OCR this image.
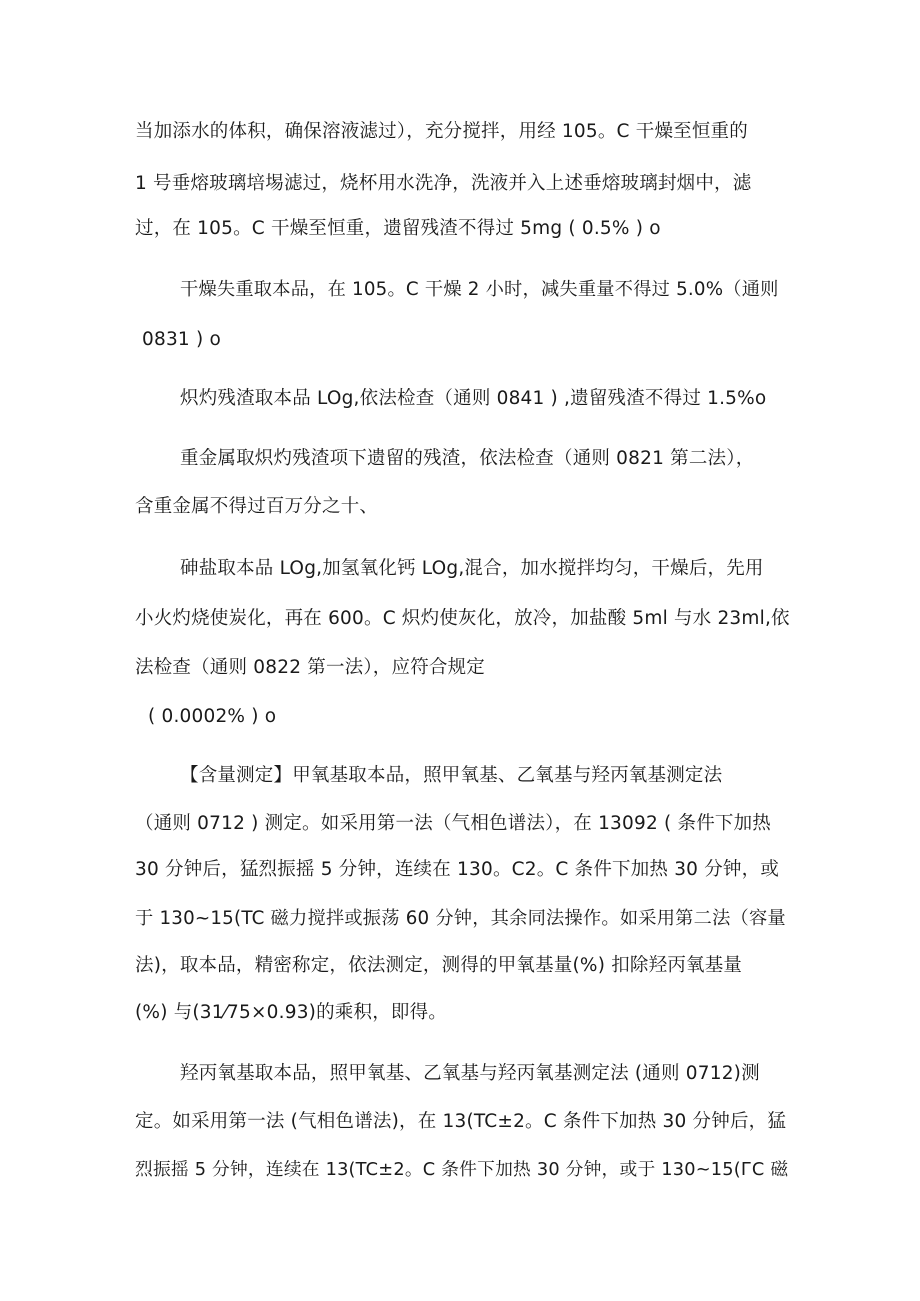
当加添水的体积，确保溶液滤过），充分搅拌，用经 105。C 干燥至恒重的
1 号垂熔玻璃培埸滤过，烧杯用水洗净，洗液并入上述垂熔玻璃封烟中，滤
过，在 105。C 干燥至恒重，遗留残渣不得过 5mg ( 0.5% ) o
干燥失重取本品，在 105。C 干燥 2 小时，减失重量不得过 5.0%（通则
0831 ) o
炽灼残渣取本品 LOg,依法检查（通则 0841 ) ,遗留残渣不得过 1.5%o
重金属取炽灼残渣项下遗留的残渣，依法检查（通则 0821 第二法），
含重金属不得过百万分之十、
砷盐取本品 LOg,加氢氧化钙 LOg,混合，加水搅拌均匀，干燥后，先用
小火灼烧使炭化，再在 600。C 炽灼使灰化，放冷，加盐酸 5ml 与水 23ml,依
法检查（通则 0822 第一法），应符合规定
( 0.0002% ) o
【含量测定】甲氧基取本品，照甲氧基、乙氧基与羟丙氧基测定法
（通则 0712 ) 测定。如采用第一法（气相色谱法），在 13092 ( 条件下加热
30 分钟后，猛烈振摇 5 分钟，连续在 130。C2。C 条件下加热 30 分钟，或
于 130~15(TC 磁力搅拌或振荡 60 分钟，其余同法操作。如采用第二法（容量
法)，取本品，精密称定，依法测定，测得的甲氧基量(%) 扣除羟丙氧基量
(%) 与(31⁄75×0.93)的乘积，即得。
羟丙氧基取本品，照甲氧基、乙氧基与羟丙氧基测定法 (通则 0712)测
定。如采用第一法 (气相色谱法)，在 13(TC±2。C 条件下加热 30 分钟后，猛
烈振摇 5 分钟，连续在 13(TC±2。C 条件下加热 30 分钟，或于 130~15(ГC 磁
